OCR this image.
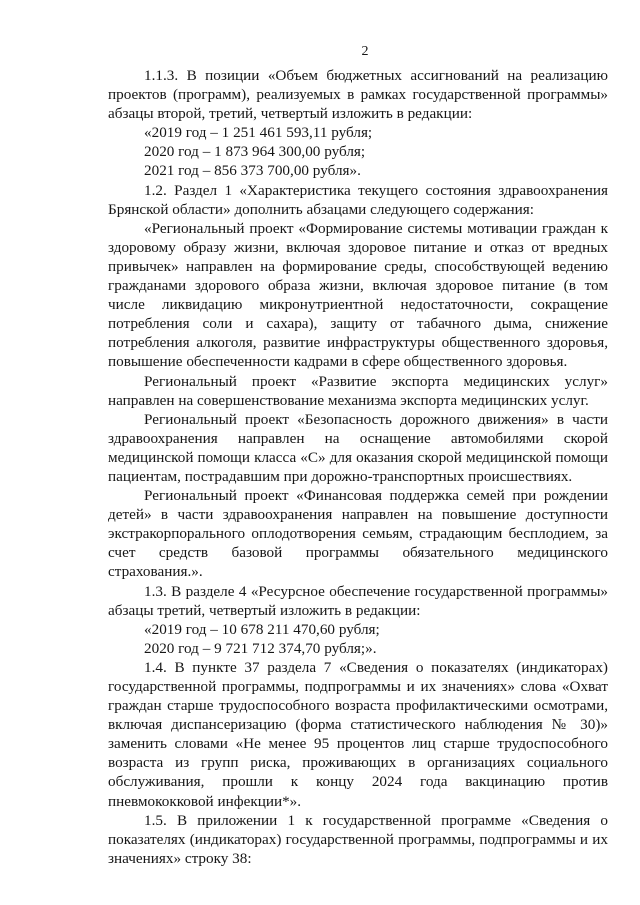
2

1.1.3. В позиции «Объем бюджетных ассигнований на реализацию проектов (программ), реализуемых в рамках государственной программы» абзацы второй, третий, четвертый изложить в редакции:

«2019 год – 1 251 461 593,11 рубля;

2020 год – 1 873 964 300,00 рубля;

2021 год – 856 373 700,00 рубля».

1.2. Раздел 1 «Характеристика текущего состояния здравоохранения Брянской области» дополнить абзацами следующего содержания:

«Региональный проект «Формирование системы мотивации граждан к здоровому образу жизни, включая здоровое питание и отказ от вредных привычек» направлен на формирование среды, способствующей ведению гражданами здорового образа жизни, включая здоровое питание (в том числе ликвидацию микронутриентной недостаточности, сокращение потребления соли и сахара), защиту от табачного дыма, снижение потребления алкоголя, развитие инфраструктуры общественного здоровья, повышение обеспеченности кадрами в сфере общественного здоровья.

Региональный проект «Развитие экспорта медицинских услуг» направлен на совершенствование механизма экспорта медицинских услуг.

Региональный проект «Безопасность дорожного движения» в части здравоохранения направлен на оснащение автомобилями скорой медицинской помощи класса «С» для оказания скорой медицинской помощи пациентам, пострадавшим при дорожно-транспортных происшествиях.

Региональный проект «Финансовая поддержка семей при рождении детей» в части здравоохранения направлен на повышение доступности экстракорпорального оплодотворения семьям, страдающим бесплодием, за счет средств базовой программы обязательного медицинского страхования.».

1.3. В разделе 4 «Ресурсное обеспечение государственной программы» абзацы третий, четвертый изложить в редакции:

«2019 год – 10 678 211 470,60 рубля;

2020 год – 9 721 712 374,70 рубля;».

1.4. В пункте 37 раздела 7 «Сведения о показателях (индикаторах) государственной программы, подпрограммы и их значениях» слова «Охват граждан старше трудоспособного возраста профилактическими осмотрами, включая диспансеризацию (форма статистического наблюдения № 30)» заменить словами «Не менее 95 процентов лиц старше трудоспособного возраста из групп риска, проживающих в организациях социального обслуживания, прошли к концу 2024 года вакцинацию против пневмококковой инфекции*».

1.5. В приложении 1 к государственной программе «Сведения о показателях (индикаторах) государственной программы, подпрограммы и их значениях» строку 38:
